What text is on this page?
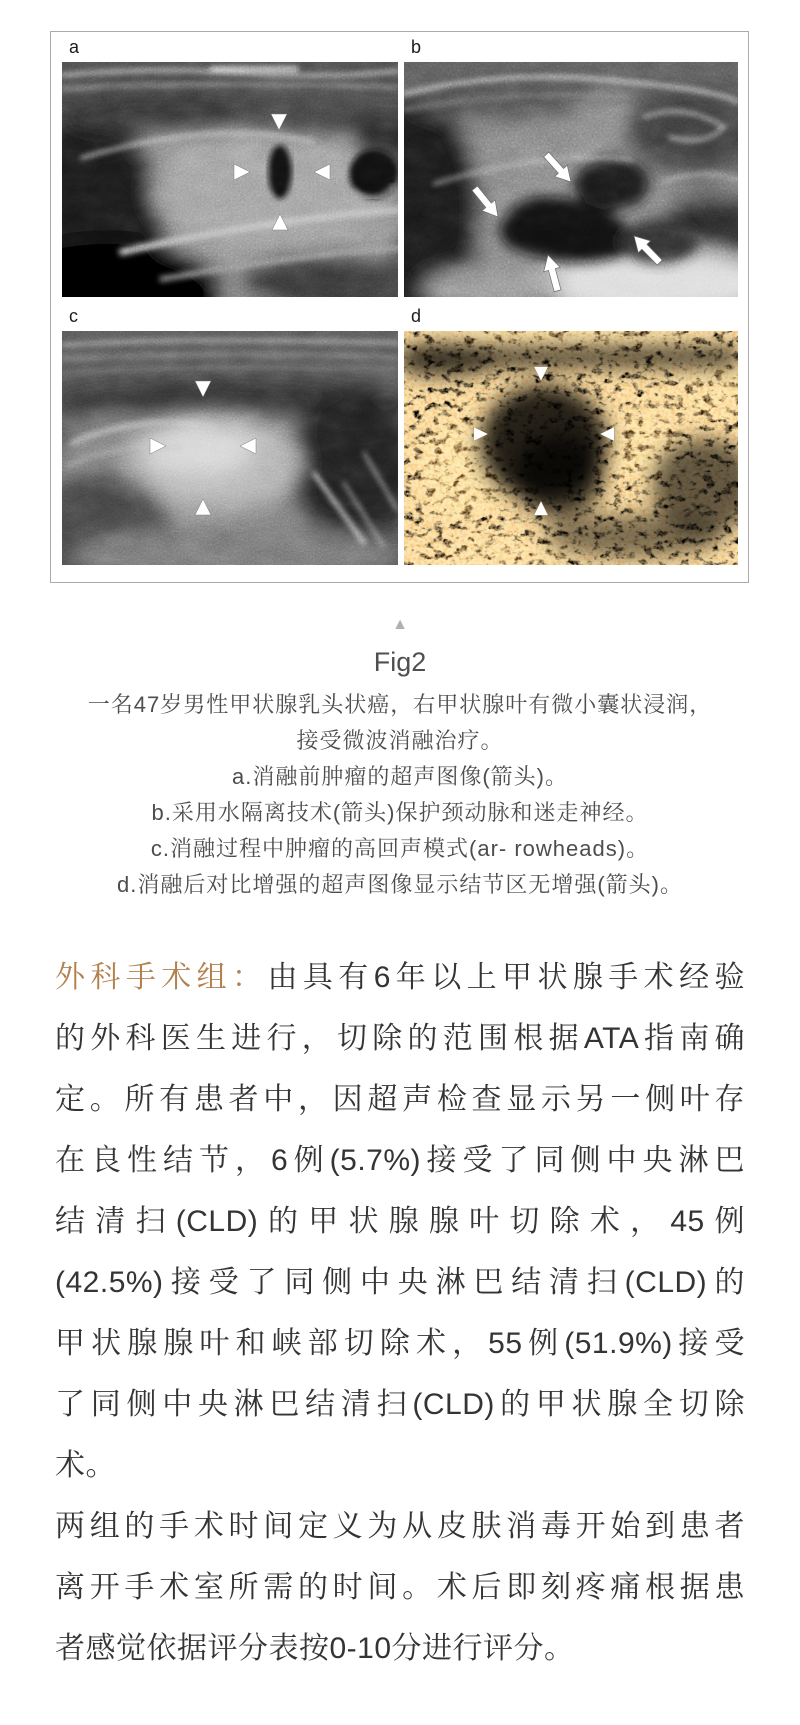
a	b
c	d
▲
Fig2
一名47岁男性甲状腺乳头状癌，右甲状腺叶有微小囊状浸润，
接受微波消融治疗。
a.消融前肿瘤的超声图像(箭头)。
b.采用水隔离技术(箭头)保护颈动脉和迷走神经。
c.消融过程中肿瘤的高回声模式(ar- rowheads)。
d.消融后对比增强的超声图像显示结节区无增强(箭头)。
外科手术组：由具有6年以上甲状腺手术经验
的外科医生进行，切除的范围根据ATA指南确
定。所有患者中，因超声检查显示另一侧叶存
在良性结节，6例(5.7%)接受了同侧中央淋巴
结清扫(CLD)的甲状腺腺叶切除术，45例
(42.5%)接受了同侧中央淋巴结清扫(CLD)的
甲状腺腺叶和峡部切除术，55例(51.9%)接受
了同侧中央淋巴结清扫(CLD)的甲状腺全切除
术。
两组的手术时间定义为从皮肤消毒开始到患者
离开手术室所需的时间。术后即刻疼痛根据患
者感觉依据评分表按0-10分进行评分。
